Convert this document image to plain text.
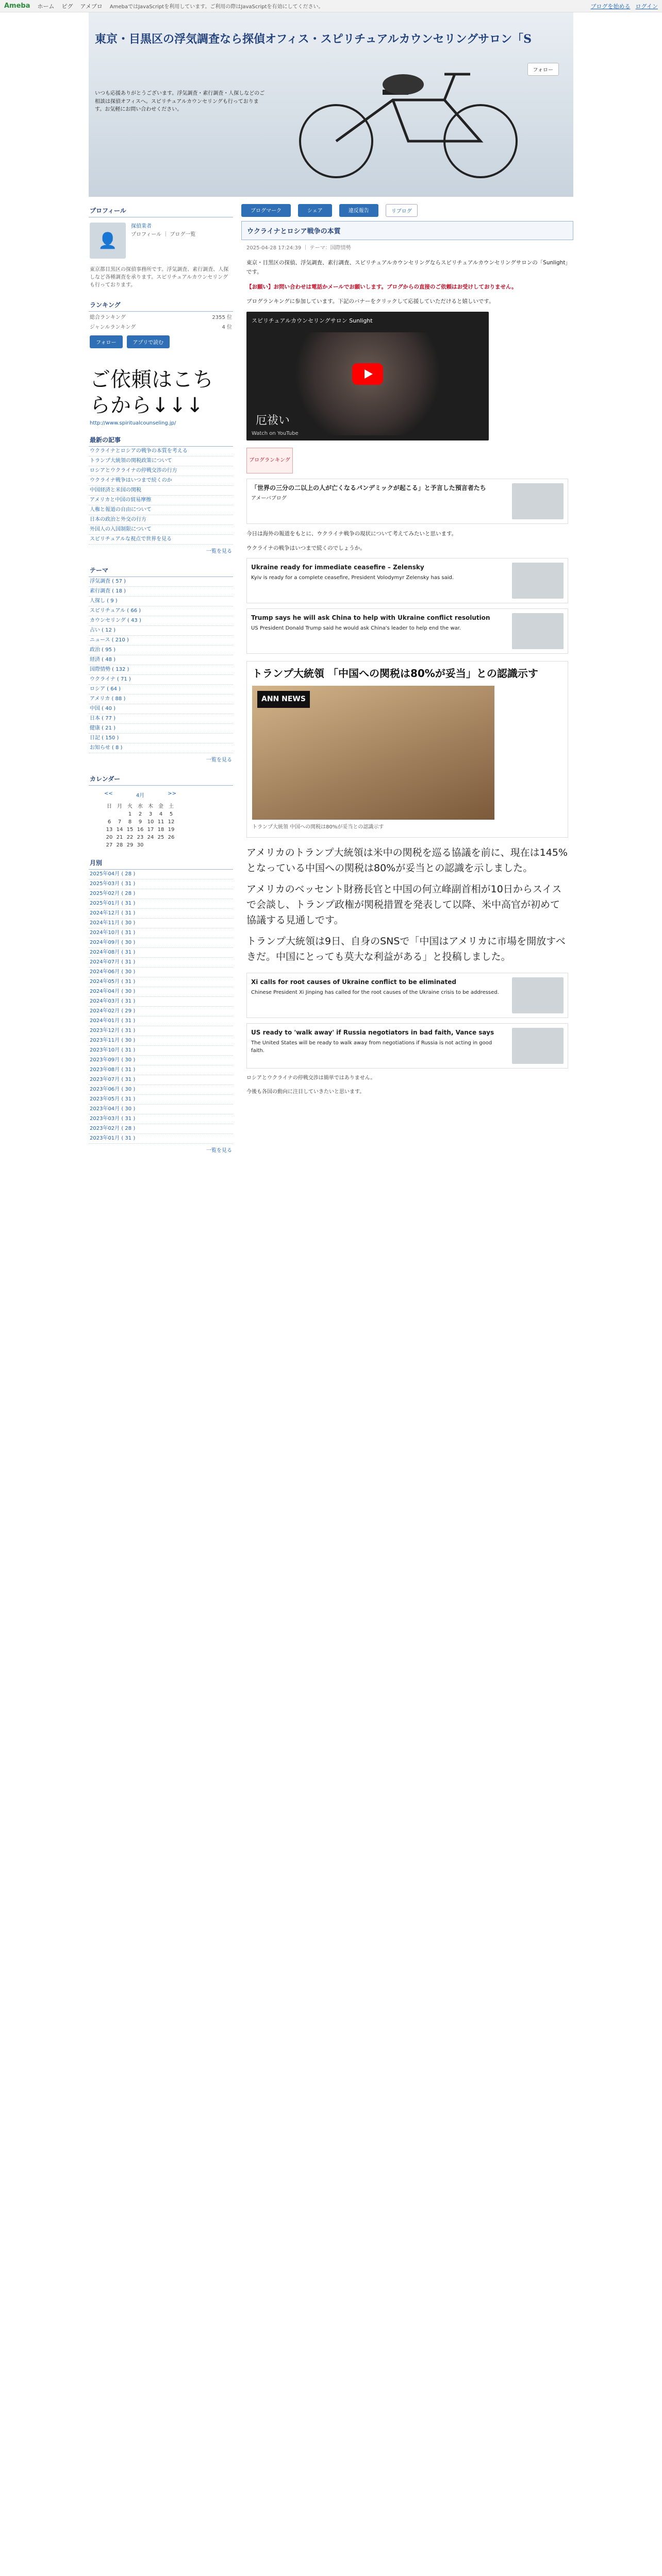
Ameba ホーム ピグ アメブロ AmebaではJavaScriptを利用しています。ご利用の際はJavaScriptを有効にしてください。	ブログを始める ログイン
東京・目黒区の浮気調査なら探偵オフィス・スピリチュアルカウンセリングサロン「S
いつも応援ありがとうございます。浮気調査・素行調査・人探しなどのご相談は探偵オフィスへ。スピリチュアルカウンセリングも行っております。お気軽にお問い合わせください。
フォロー
プロフィール
👤
探偵業者
プロフィール ｜ ブログ一覧
東京都目黒区の探偵事務所です。浮気調査、素行調査、人探しなど各種調査を承ります。スピリチュアルカウンセリングも行っております。
ランキング
総合ランキング	2355 位
ジャンルランキング	4 位
フォロー	アプリで読む
ご依頼はこちらから↓↓↓
http://www.spiritualcounseling.jp/
最新の記事
ウクライナとロシアの戦争の本質を考える
トランプ大統領の関税政策について
ロシアとウクライナの停戦交渉の行方
ウクライナ戦争はいつまで続くのか
中国経済と米国の関税
アメリカと中国の貿易摩擦
人権と報道の自由について
日本の政治と外交の行方
外国人の入国制限について
スピリチュアルな視点で世界を見る
一覧を見る
テーマ
浮気調査 ( 57 )
素行調査 ( 18 )
人探し ( 9 )
スピリチュアル ( 66 )
カウンセリング ( 43 )
占い ( 12 )
ニュース ( 210 )
政治 ( 95 )
経済 ( 48 )
国際情勢 ( 132 )
ウクライナ ( 71 )
ロシア ( 64 )
アメリカ ( 88 )
中国 ( 40 )
日本 ( 77 )
健康 ( 21 )
日記 ( 150 )
お知らせ ( 8 )
一覧を見る
カレンダー
<<	4月	>>
日	月	火	水	木	金	土
		1	2	3	4	5
6	7	8	9	10	11	12
13	14	15	16	17	18	19
20	21	22	23	24	25	26
27	28	29	30			
月別
2025年04月 ( 28 )
2025年03月 ( 31 )
2025年02月 ( 28 )
2025年01月 ( 31 )
2024年12月 ( 31 )
2024年11月 ( 30 )
2024年10月 ( 31 )
2024年09月 ( 30 )
2024年08月 ( 31 )
2024年07月 ( 31 )
2024年06月 ( 30 )
2024年05月 ( 31 )
2024年04月 ( 30 )
2024年03月 ( 31 )
2024年02月 ( 29 )
2024年01月 ( 31 )
2023年12月 ( 31 )
2023年11月 ( 30 )
2023年10月 ( 31 )
2023年09月 ( 30 )
2023年08月 ( 31 )
2023年07月 ( 31 )
2023年06月 ( 30 )
2023年05月 ( 31 )
2023年04月 ( 30 )
2023年03月 ( 31 )
2023年02月 ( 28 )
2023年01月 ( 31 )
一覧を見る
ブログマーク	シェア	違反報告	リブログ
ウクライナとロシア戦争の本質
2025-04-28 17:24:39 ｜ テーマ：国際情勢

東京・目黒区の探偵、浮気調査、素行調査、スピリチュアルカウンセリングならスピリチュアルカウンセリングサロンの「Sunlight」です。

【お願い】お問い合わせは電話かメールでお願いします。ブログからの直接のご依頼はお受けしておりません。

ブログランキングに参加しています。下記のバナーをクリックして応援していただけると嬉しいです。

スピリチュアルカウンセリングサロン Sunlight
厄祓い
Watch on YouTube
ブログランキング
「世界の三分の二以上の人が亡くなるパンデミックが起こる」と予言した預言者たち
アメーバブログ

今日は海外の報道をもとに、ウクライナ戦争の現状について考えてみたいと思います。

ウクライナの戦争はいつまで続くのでしょうか。

Ukraine ready for immediate ceasefire – Zelensky
Kyiv is ready for a complete ceasefire, President Volodymyr Zelensky has said.
Trump says he will ask China to help with Ukraine conflict resolution
US President Donald Trump said he would ask China's leader to help end the war.
トランプ大統領 「中国への関税は80%が妥当」との認識示す
ANN NEWS
トランプ大統領 中国への関税は80%が妥当との認識示す

アメリカのトランプ大統領は米中の関税を巡る協議を前に、現在は145%となっている中国への関税は80%が妥当との認識を示しました。

アメリカのベッセント財務長官と中国の何立峰副首相が10日からスイスで会談し、トランプ政権が関税措置を発表して以降、米中高官が初めて協議する見通しです。

トランプ大統領は9日、自身のSNSで「中国はアメリカに市場を開放すべきだ。中国にとっても莫大な利益がある」と投稿しました。

Xi calls for root causes of Ukraine conflict to be eliminated
Chinese President Xi Jinping has called for the root causes of the Ukraine crisis to be addressed.
US ready to 'walk away' if Russia negotiators in bad faith, Vance says
The United States will be ready to walk away from negotiations if Russia is not acting in good faith.

ロシアとウクライナの停戦交渉は簡単ではありません。

今後も各国の動向に注目していきたいと思います。
